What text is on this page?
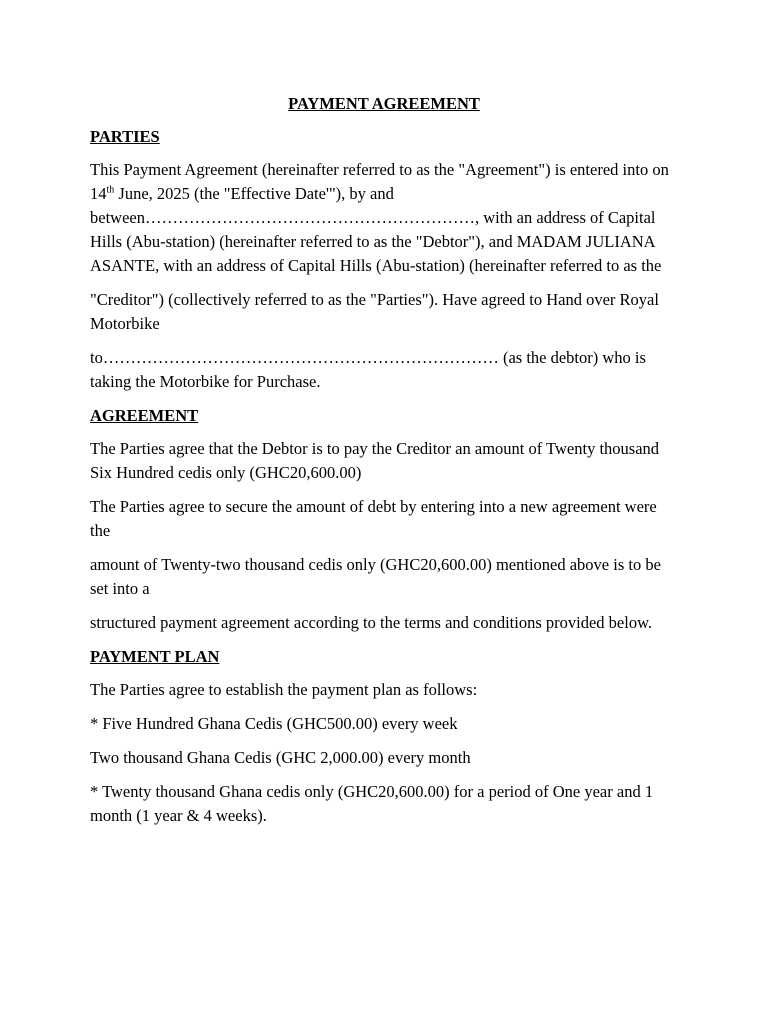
PAYMENT AGREEMENT
PARTIES

This Payment Agreement (hereinafter referred to as the "Agreement") is entered into on 14th June, 2025 (the "Effective Date'"), by and between……………………………………………………, with an address of Capital Hills (Abu-station) (hereinafter referred to as the "Debtor"), and MADAM JULIANA ASANTE, with an address of Capital Hills (Abu-station) (hereinafter referred to as the

"Creditor") (collectively referred to as the "Parties"). Have agreed to Hand over Royal Motorbike

to……………………………………………………………… (as the debtor) who is taking the Motorbike for Purchase.

AGREEMENT

The Parties agree that the Debtor is to pay the Creditor an amount of Twenty thousand Six Hundred cedis only (GHC20,600.00)

The Parties agree to secure the amount of debt by entering into a new agreement were the

amount of Twenty-two thousand cedis only (GHC20,600.00) mentioned above is to be set into a

structured payment agreement according to the terms and conditions provided below.

PAYMENT PLAN

The Parties agree to establish the payment plan as follows:

* Five Hundred Ghana Cedis (GHC500.00) every week

Two thousand Ghana Cedis (GHC 2,000.00) every month

* Twenty thousand Ghana cedis only (GHC20,600.00) for a period of One year and 1 month (1 year & 4 weeks).
